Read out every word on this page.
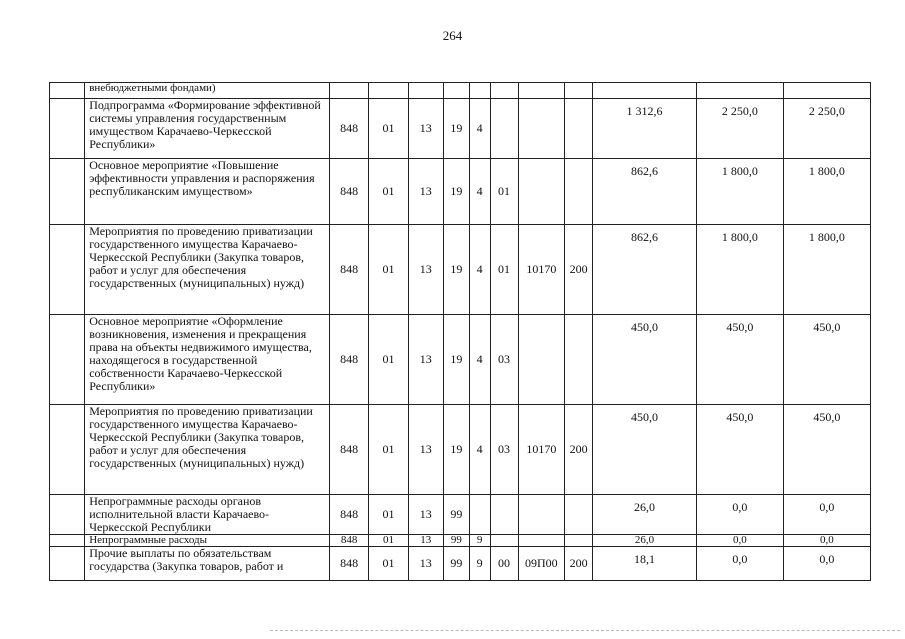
264
	внебюджетными фондами)											
	Подпрограмма «Формирование эффективной системы управления государственным имуществом Карачаево-Черкесской Республики»	848	01	13	19	4				1 312,6	2 250,0	2 250,0
	Основное мероприятие «Повышение эффективности управления и распоряжения республиканским имуществом»	848	01	13	19	4	01			862,6	1 800,0	1 800,0
	Мероприятия по проведению приватизации государственного имущества Карачаево-Черкесской Республики (Закупка товаров, работ и услуг для обеспечения государственных (муниципальных) нужд)	848	01	13	19	4	01	10170	200	862,6	1 800,0	1 800,0
	Основное мероприятие «Оформление возникновения, изменения и прекращения права на объекты недвижимого имущества, находящегося в государственной собственности Карачаево-Черкесской Республики»	848	01	13	19	4	03			450,0	450,0	450,0
	Мероприятия по проведению приватизации государственного имущества Карачаево-Черкесской Республики (Закупка товаров, работ и услуг для обеспечения государственных (муниципальных) нужд)	848	01	13	19	4	03	10170	200	450,0	450,0	450,0
	Непрограммные расходы органов исполнительной власти Карачаево-Черкесской Республики	848	01	13	99					26,0	0,0	0,0
	Непрограммные расходы	848	01	13	99	9				26,0	0,0	0,0
	Прочие выплаты по обязательствам государства (Закупка товаров, работ и	848	01	13	99	9	00	09П00	200	18,1	0,0	0,0
